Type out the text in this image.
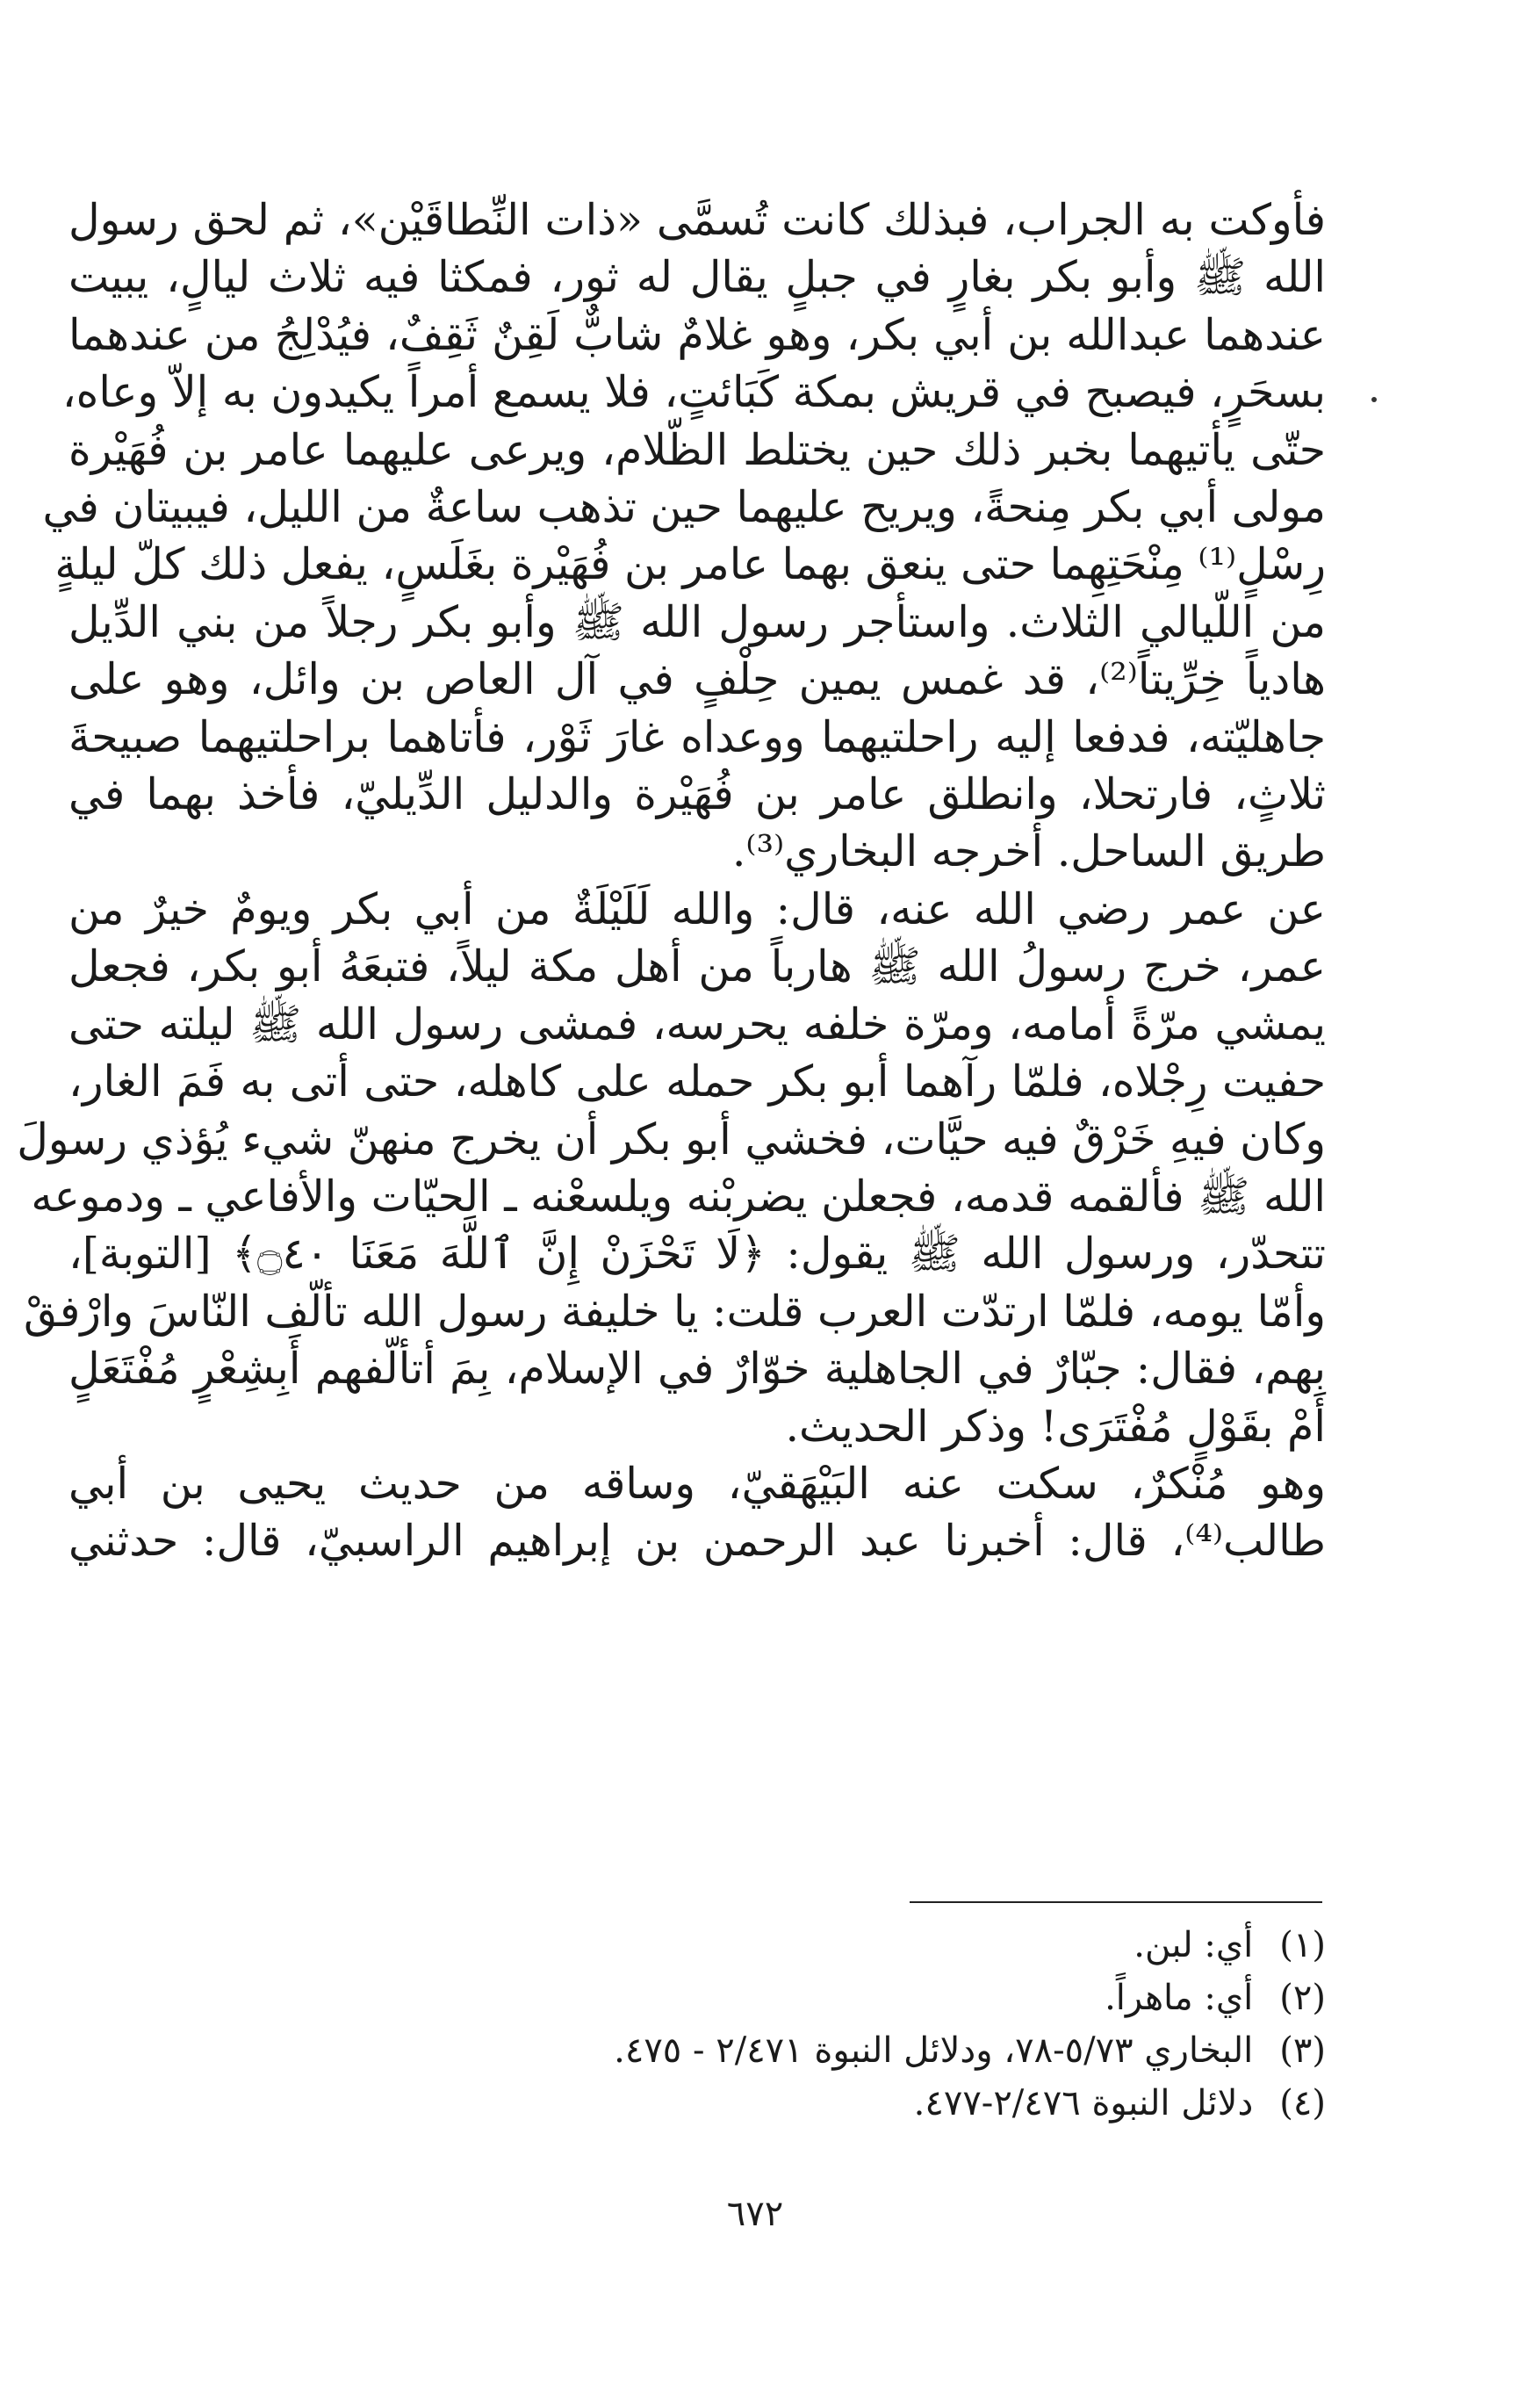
فأوكت به الجراب، فبذلك كانت تُسمَّى «ذات النِّطاقَيْن»، ثم لحق رسول
الله ﷺ وأبو بكر بغارٍ في جبلٍ يقال له ثور، فمكثا فيه ثلاث ليالٍ، يبيت
عندهما عبدالله بن أبي بكر، وهو غلامٌ شابٌّ لَقِنٌ ثَقِفٌ، فيُدْلِجُ من عندهما
بسحَرٍ، فيصبح في قريش بمكة كَبَائتٍ، فلا يسمع أمراً يكيدون به إلاّ وعاه،
حتّى يأتيهما بخبر ذلك حين يختلط الظّلام، ويرعى عليهما عامر بن فُهَيْرة
مولى أبي بكر مِنحةً، ويريح عليهما حين تذهب ساعةٌ من الليل، فيبيتان في
رِسْلٍ⁽¹⁾ مِنْحَتِهِما حتى ينعق بهما عامر بن فُهَيْرة بغَلَسٍ، يفعل ذلك كلّ ليلةٍ
من اللّيالي الثلاث. واستأجر رسول الله ﷺ وأبو بكر رجلاً من بني الدِّيل
هادياً خِرِّيتاً⁽²⁾، قد غمس يمين حِلْفٍ في آل العاص بن وائل، وهو على
جاهليّته، فدفعا إليه راحلتيهما ووعداه غارَ ثَوْر، فأتاهما براحلتيهما صبيحةَ
ثلاثٍ، فارتحلا، وانطلق عامر بن فُهَيْرة والدليل الدِّيليّ، فأخذ بهما في
طريق الساحل. أخرجه البخاري⁽³⁾.
عن عمر رضي الله عنه، قال: والله لَلَيْلَةٌ من أبي بكر ويومٌ خيرٌ من
عمر، خرج رسولُ الله ﷺ هارباً من أهل مكة ليلاً، فتبعَهُ أبو بكر، فجعل
يمشي مرّةً أمامه، ومرّة خلفه يحرسه، فمشى رسول الله ﷺ ليلته حتى
حفيت رِجْلاه، فلمّا رآهما أبو بكر حمله على كاهله، حتى أتى به فَمَ الغار،
وكان فيهِ خَرْقٌ فيه حيَّات، فخشي أبو بكر أن يخرج منهنّ شيء يُؤذي رسولَ
الله ﷺ فألقمه قدمه، فجعلن يضربْنه ويلسعْنه ـ الحيّات والأفاعي ـ ودموعه
تتحدّر، ورسول الله ﷺ يقول: ﴿لَا تَحْزَنْ إِنَّ ٱللَّهَ مَعَنَا ۝٤٠﴾ [التوبة]،
وأمّا يومه، فلمّا ارتدّت العرب قلت: يا خليفة رسول الله تألّف النّاسَ وارْفقْ
بهم، فقال: جبّارٌ في الجاهلية خوّارٌ في الإسلام، بِمَ أتألّفهم أَبِشِعْرٍ مُفْتَعَلٍ
أَمْ بقَوْلٍ مُفْتَرَى! وذكر الحديث.
وهو مُنْكرٌ، سكت عنه البَيْهَقيّ، وساقه من حديث يحيى بن أبي
طالب⁽⁴⁾، قال: أخبرنا عبد الرحمن بن إبراهيم الراسبيّ، قال: حدثني
(١) أي: لبن.
(٢) أي: ماهراً.
(٣) البخاري ٥/٧٣-٧٨، ودلائل النبوة ٢/٤٧١ - ٤٧٥.
(٤) دلائل النبوة ٢/٤٧٦-٤٧٧.
٦٧٢
